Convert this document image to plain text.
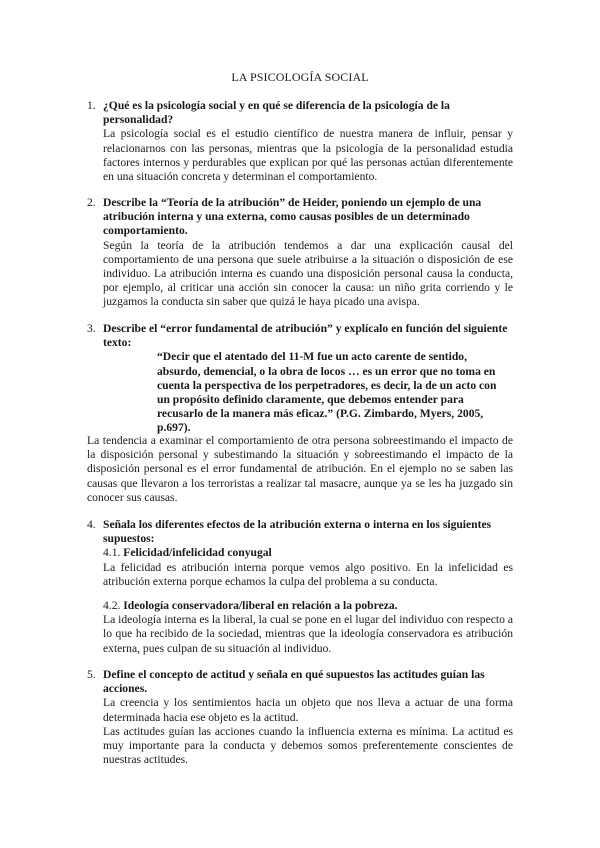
LA PSICOLOGÍA SOCIAL
1. ¿Qué es la psicología social y en qué se diferencia de la psicología de la personalidad?
La psicología social es el estudio científico de nuestra manera de influir, pensar y relacionarnos con las personas, mientras que la psicología de la personalidad estudia factores internos y perdurables que explican por qué las personas actúan diferentemente en una situación concreta y determinan el comportamiento.
2. Describe la “Teoría de la atribución” de Heider, poniendo un ejemplo de una atribución interna y una externa, como causas posibles de un determinado comportamiento.
Según la teoría de la atribución tendemos a dar una explicación causal del comportamiento de una persona que suele atribuirse a la situación o disposición de ese individuo. La atribución interna es cuando una disposición personal causa la conducta, por ejemplo, al criticar una acción sin conocer la causa: un niño grita corriendo y le juzgamos la conducta sin saber que quizá le haya picado una avispa.
3. Describe el “error fundamental de atribución” y explícalo en función del siguiente texto:
“Decir que el atentado del 11-M fue un acto carente de sentido, absurdo, demencial, o la obra de locos … es un error que no toma en cuenta la perspectiva de los perpetradores, es decir, la de un acto con un propósito definido claramente, que debemos entender para recusarlo de la manera más eficaz.” (P.G. Zimbardo, Myers, 2005, p.697).
La tendencia a examinar el comportamiento de otra persona sobreestimando el impacto de la disposición personal y subestimando la situación y sobreestimando el impacto de la disposición personal es el error fundamental de atribución. En el ejemplo no se saben las causas que llevaron a los terroristas a realizar tal masacre, aunque ya se les ha juzgado sin conocer sus causas.
4. Señala los diferentes efectos de la atribución externa o interna en los siguientes supuestos:
4.1. Felicidad/infelicidad conyugal
La felicidad es atribución interna porque vemos algo positivo. En la infelicidad es atribución externa porque echamos la culpa del problema a su conducta.
4.2. Ideología conservadora/liberal en relación a la pobreza.
La ideología interna es la liberal, la cual se pone en el lugar del individuo con respecto a lo que ha recibido de la sociedad, mientras que la ideología conservadora es atribución externa, pues culpan de su situación al individuo.
5. Define el concepto de actitud y señala en qué supuestos las actitudes guían las acciones.
La creencia y los sentimientos hacia un objeto que nos lleva a actuar de una forma determinada hacia ese objeto es la actitud.
Las actitudes guían las acciones cuando la influencia externa es mínima. La actitud es muy importante para la conducta y debemos somos preferentemente conscientes de nuestras actitudes.
